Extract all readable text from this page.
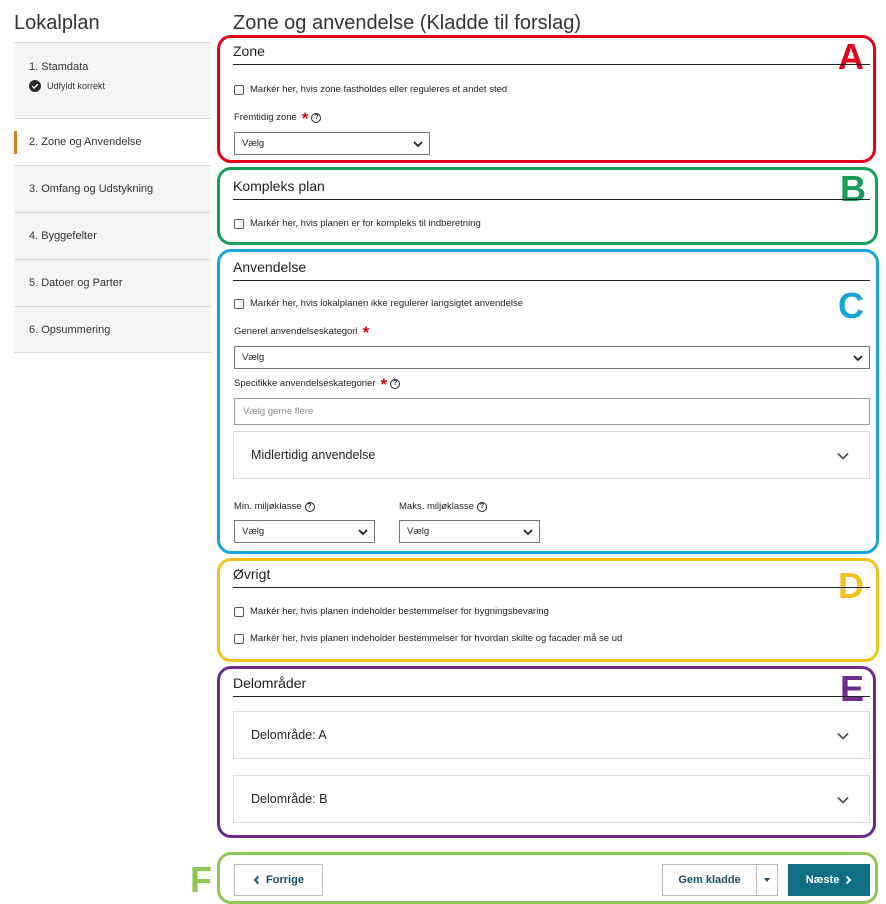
Lokalplan
1. Stamdata
Udfyldt korrekt
2. Zone og Anvendelse
3. Omfang og Udstykning
4. Byggefelter
5. Datoer og Parter
6. Opsummering
Zone og anvendelse (Kladde til forslag)
A
B
C
D
E
F
Zone
Markér her, hvis zone fastholdes eller reguleres et andet sted
Fremtidig zone * ?
Vælg
Kompleks plan
Markér her, hvis planen er for kompleks til indberetning
Anvendelse
Markér her, hvis lokalplanen ikke regulerer langsigtet anvendelse
Generel anvendelseskategori *
Vælg
Specifikke anvendelseskategorier * ?
Vælg gerne flere
Midlertidig anvendelse
Min. miljøklasse ?
Vælg
Maks. miljøklasse ?
Vælg
Øvrigt
Markér her, hvis planen indeholder bestemmelser for bygningsbevaring
Markér her, hvis planen indeholder bestemmelser for hvordan skilte og facader må se ud
Delområder
Delområde: A
Delområde: B
Forrige	Gem kladde	Næste
